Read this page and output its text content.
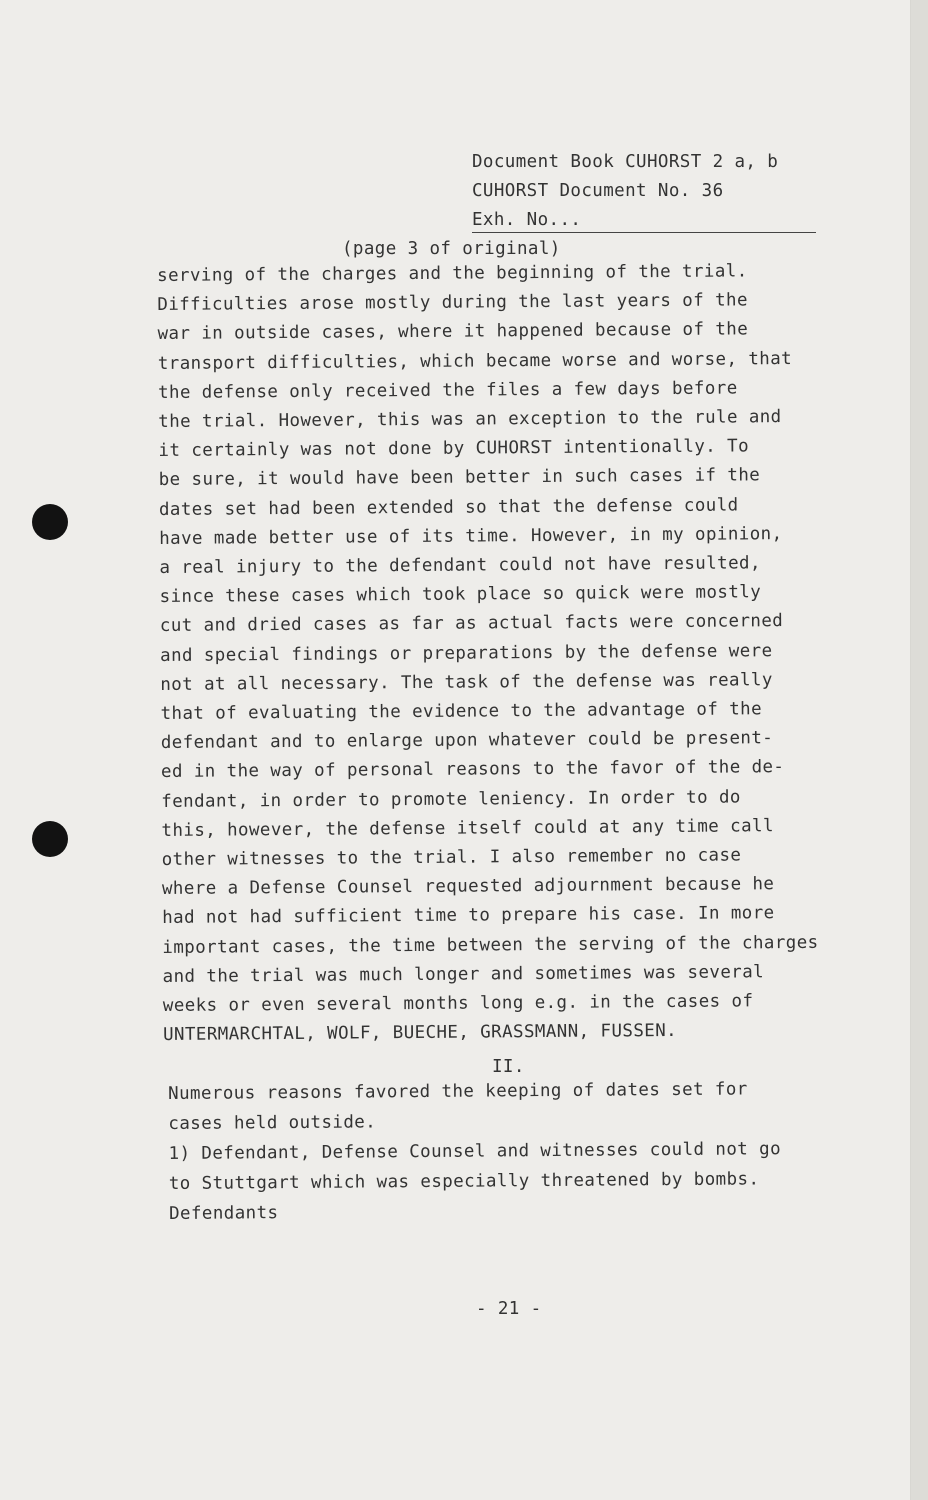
Document Book CUHORST 2 a, b
CUHORST Document No. 36
Exh. No...
(page 3 of original)
serving of the charges and the beginning of the trial.
Difficulties arose mostly during the last years of the
war in outside cases, where it happened because of the
transport difficulties, which became worse and worse, that
the defense only received the files a few days before
the trial. However, this was an exception to the rule and
it certainly was not done by CUHORST intentionally. To
be sure, it would have been better in such cases if the
dates set had been extended so that the defense could
have made better use of its time. However, in my opinion,
a real injury to the defendant could not have resulted,
since these cases which took place so quick were mostly
cut and dried cases as far as actual facts were concerned
and special findings or preparations by the defense were
not at all necessary. The task of the defense was really
that of evaluating the evidence to the advantage of the
defendant and to enlarge upon whatever could be present-
ed in the way of personal reasons to the favor of the de-
fendant, in order to promote leniency. In order to do
this, however, the defense itself could at any time call
other witnesses to the trial. I also remember no case
where a Defense Counsel requested adjournment because he
had not had sufficient time to prepare his case. In more
important cases, the time between the serving of the charges
and the trial was much longer and sometimes was several
weeks or even several months long e.g. in the cases of
UNTERMARCHTAL, WOLF, BUECHE, GRASSMANN, FUSSEN.
II.
Numerous reasons favored the keeping of dates set for
cases held outside.
1) Defendant, Defense Counsel and witnesses could not go
to Stuttgart which was especially threatened by bombs.
Defendants
- 21 -
